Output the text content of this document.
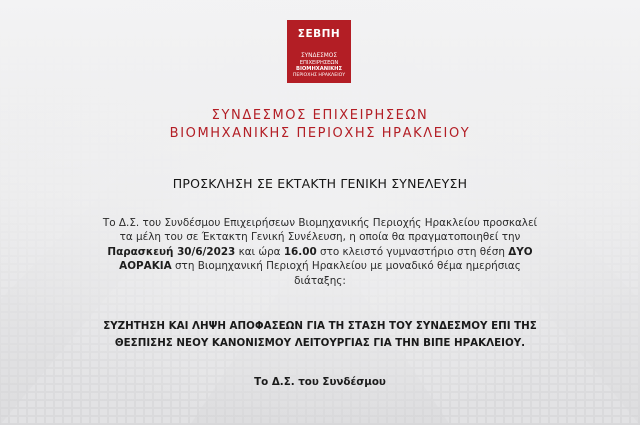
ΣΕΒΠΗ
ΣΥΝΔΕΣΜΟΣ
ΕΠΙΧΕΙΡΗΣΕΩΝ
ΒΙΟΜΗΧΑΝΙΚΗΣ
ΠΕΡΙΟΧΗΣ ΗΡΑΚΛΕΙΟΥ
ΣΥΝΔΕΣΜΟΣ ΕΠΙΧΕΙΡΗΣΕΩΝ
ΒΙΟΜΗΧΑΝΙΚΗΣ ΠΕΡΙΟΧΗΣ ΗΡΑΚΛΕΙΟΥ
ΠΡΟΣΚΛΗΣΗ ΣΕ ΕΚΤΑΚΤΗ ΓΕΝΙΚΗ ΣΥΝΕΛΕΥΣΗ
Το Δ.Σ. του Συνδέσμου Επιχειρήσεων Βιομηχανικής Περιοχής Ηρακλείου προσκαλεί τα μέλη του σε Έκτακτη Γενική Συνέλευση, η οποία θα πραγματοποιηθεί την Παρασκευή 30/6/2023 και ώρα 16.00 στο κλειστό γυμναστήριο στη θέση ΔΥΟ ΑΟΡΑΚΙΑ στη Βιομηχανική Περιοχή Ηρακλείου με μοναδικό θέμα ημερήσιας διάταξης:
ΣΥΖΗΤΗΣΗ ΚΑΙ ΛΗΨΗ ΑΠΟΦΑΣΕΩΝ ΓΙΑ ΤΗ ΣΤΑΣΗ ΤΟΥ ΣΥΝΔΕΣΜΟΥ ΕΠΙ ΤΗΣ
ΘΕΣΠΙΣΗΣ ΝΕΟΥ ΚΑΝΟΝΙΣΜΟΥ ΛΕΙΤΟΥΡΓΙΑΣ ΓΙΑ ΤΗΝ ΒΙΠΕ ΗΡΑΚΛΕΙΟΥ.
Το Δ.Σ. του Συνδέσμου
